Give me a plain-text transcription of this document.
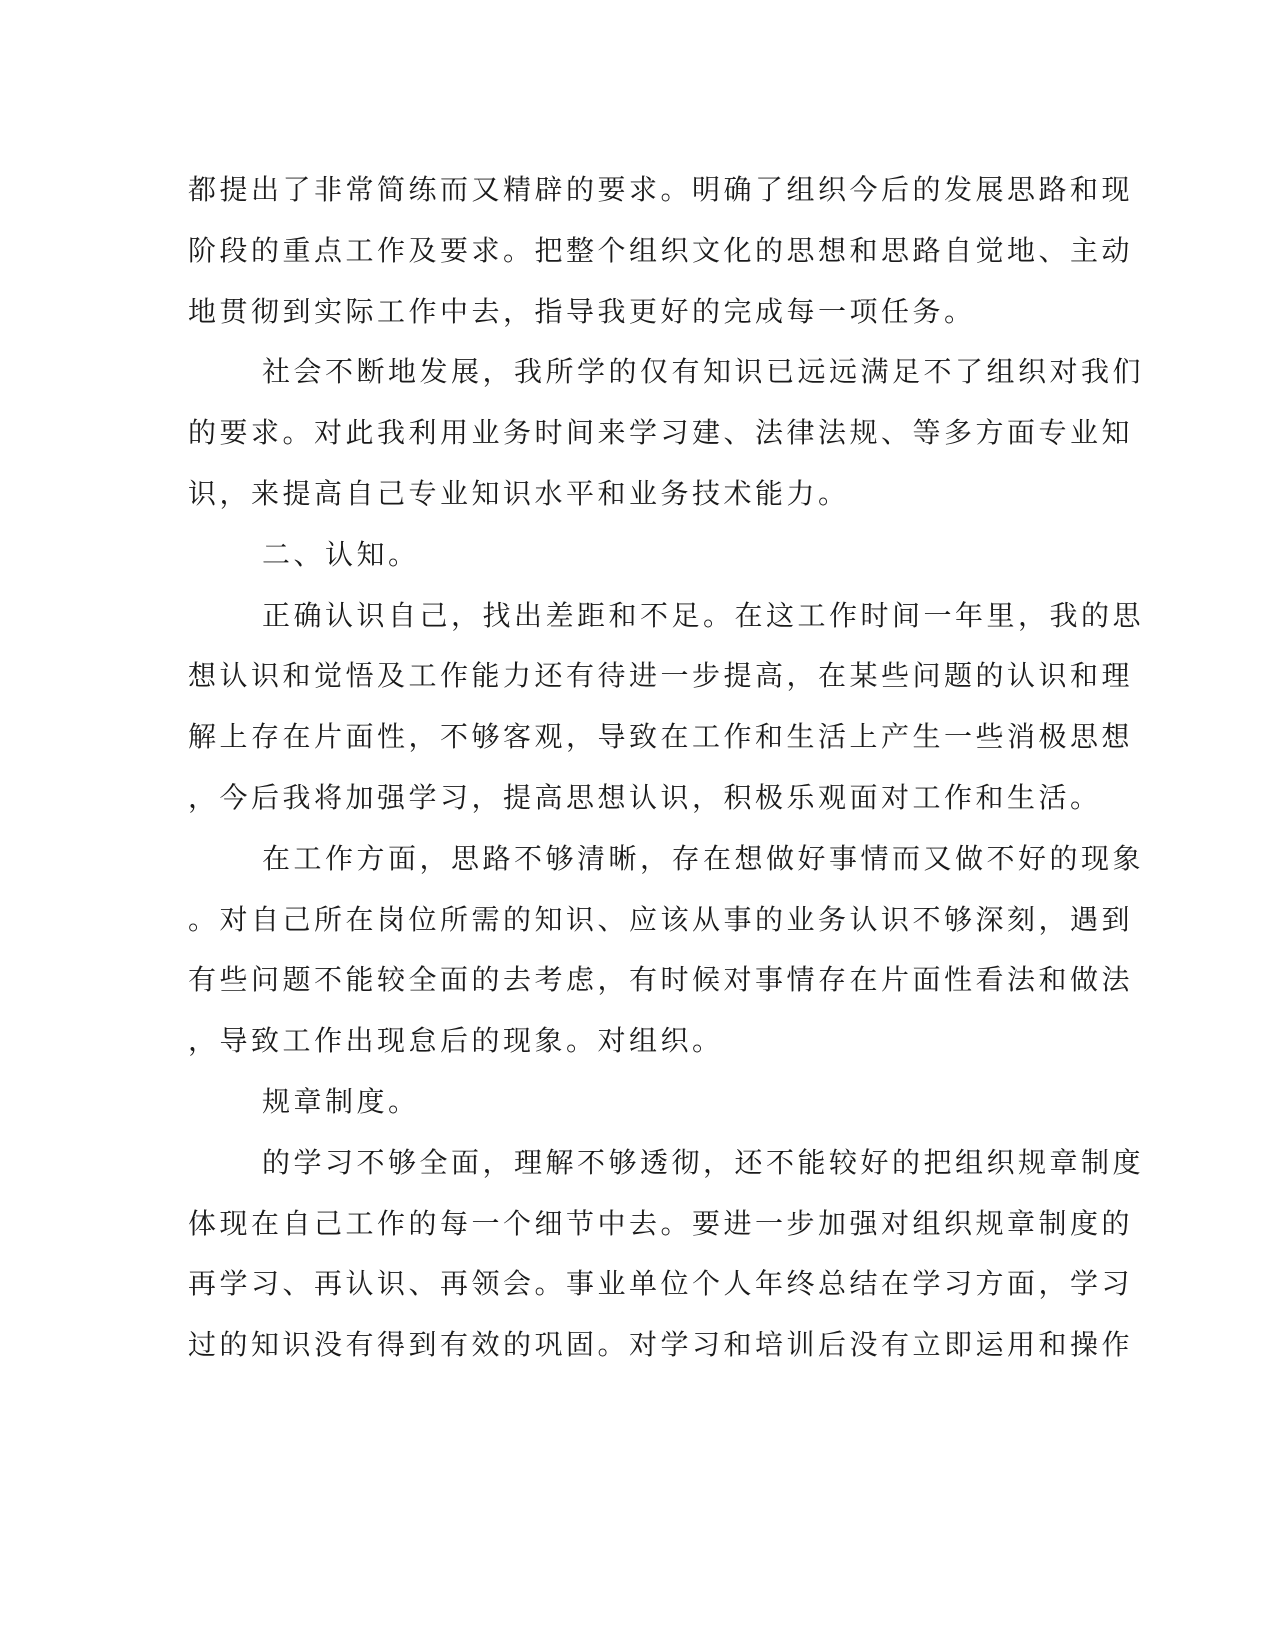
都提出了非常简练而又精辟的要求。明确了组织今后的发展思路和现
阶段的重点工作及要求。把整个组织文化的思想和思路自觉地、主动
地贯彻到实际工作中去，指导我更好的完成每一项任务。
社会不断地发展，我所学的仅有知识已远远满足不了组织对我们
的要求。对此我利用业务时间来学习建、法律法规、等多方面专业知
识，来提高自己专业知识水平和业务技术能力。
二、认知。
正确认识自己，找出差距和不足。在这工作时间一年里，我的思
想认识和觉悟及工作能力还有待进一步提高，在某些问题的认识和理
解上存在片面性，不够客观，导致在工作和生活上产生一些消极思想
，今后我将加强学习，提高思想认识，积极乐观面对工作和生活。
在工作方面，思路不够清晰，存在想做好事情而又做不好的现象
。对自己所在岗位所需的知识、应该从事的业务认识不够深刻，遇到
有些问题不能较全面的去考虑，有时候对事情存在片面性看法和做法
，导致工作出现怠后的现象。对组织。
规章制度。
的学习不够全面，理解不够透彻，还不能较好的把组织规章制度
体现在自己工作的每一个细节中去。要进一步加强对组织规章制度的
再学习、再认识、再领会。事业单位个人年终总结在学习方面，学习
过的知识没有得到有效的巩固。对学习和培训后没有立即运用和操作
